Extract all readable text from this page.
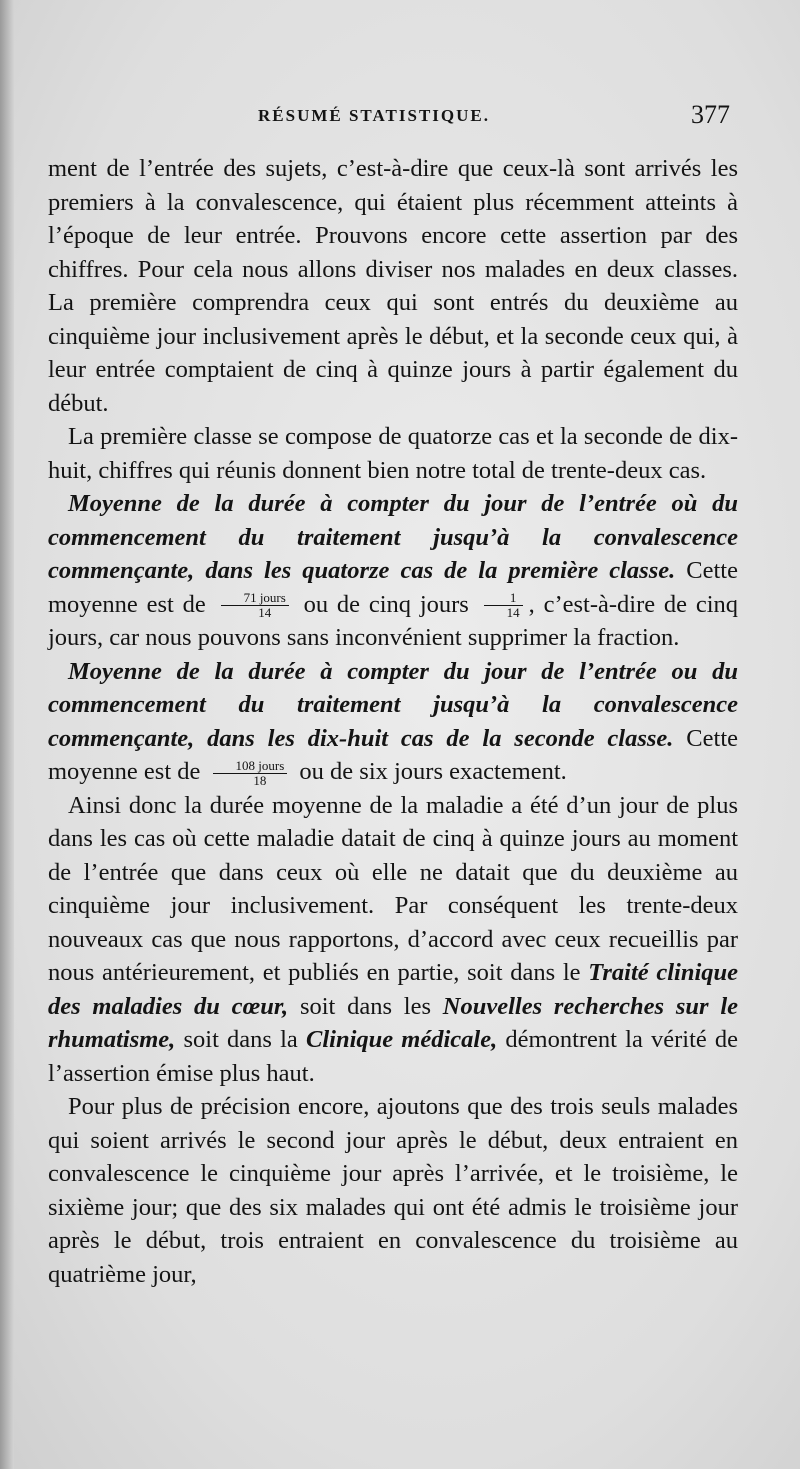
RÉSUMÉ STATISTIQUE.	377

ment de l’entrée des sujets, c’est-à-dire que ceux-là sont arrivés les premiers à la convalescence, qui étaient plus récemment atteints à l’époque de leur entrée. Prouvons encore cette assertion par des chiffres. Pour cela nous allons diviser nos malades en deux classes. La première comprendra ceux qui sont entrés du deuxième au cinquième jour inclusivement après le début, et la seconde ceux qui, à leur entrée comptaient de cinq à quinze jours à partir également du début.

La première classe se compose de quatorze cas et la seconde de dix-huit, chiffres qui réunis donnent bien notre total de trente-deux cas.

Moyenne de la durée à compter du jour de l’entrée où du commencement du traitement jusqu’à la convalescence commençante, dans les quatorze cas de la première classe. Cette moyenne est de $\frac{\text{71 jours}}{14}$ ou de cinq jours $\frac{1}{14}$ , c’est-à-dire de cinq jours, car nous pouvons sans inconvénient supprimer la fraction.

Moyenne de la durée à compter du jour de l’entrée ou du commencement du traitement jusqu’à la convalescence commençante, dans les dix-huit cas de la seconde classe. Cette moyenne est de $\frac{\text{108 jours}}{18}$ ou de six jours exactement.

Ainsi donc la durée moyenne de la maladie a été d’un jour de plus dans les cas où cette maladie datait de cinq à quinze jours au moment de l’entrée que dans ceux où elle ne datait que du deuxième au cinquième jour inclusivement. Par conséquent les trente-deux nouveaux cas que nous rapportons, d’accord avec ceux recueillis par nous antérieurement, et publiés en partie, soit dans le Traité clinique des maladies du cœur, soit dans les Nouvelles recherches sur le rhumatisme, soit dans la Clinique médicale, démontrent la vérité de l’assertion émise plus haut.

Pour plus de précision encore, ajoutons que des trois seuls malades qui soient arrivés le second jour après le début, deux entraient en convalescence le cinquième jour après l’arrivée, et le troisième, le sixième jour; que des six malades qui ont été admis le troisième jour après le début, trois entraient en convalescence du troisième au quatrième jour,
